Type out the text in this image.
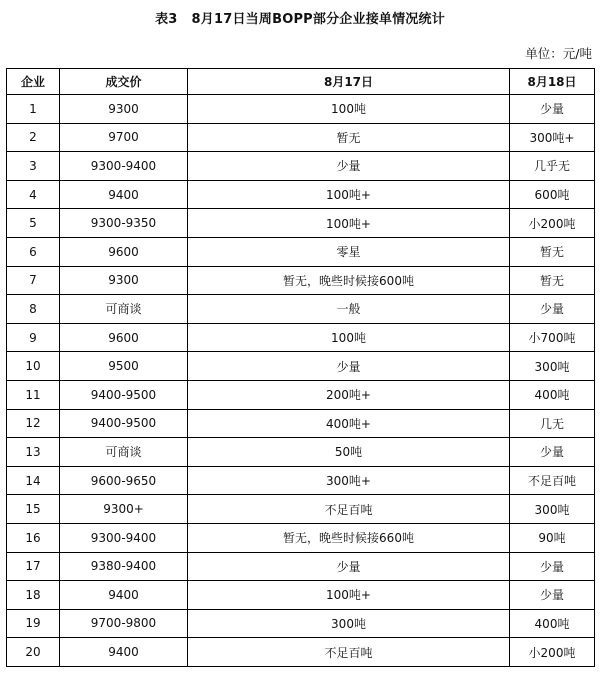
表3 8月17日当周BOPP部分企业接单情况统计
单位：元/吨
企业	成交价	8月17日	8月18日
1	9300	100吨	少量
2	9700	暂无	300吨+
3	9300-9400	少量	几乎无
4	9400	100吨+	600吨
5	9300-9350	100吨+	小200吨
6	9600	零星	暂无
7	9300	暂无，晚些时候接600吨	暂无
8	可商谈	一般	少量
9	9600	100吨	小700吨
10	9500	少量	300吨
11	9400-9500	200吨+	400吨
12	9400-9500	400吨+	几无
13	可商谈	50吨	少量
14	9600-9650	300吨+	不足百吨
15	9300+	不足百吨	300吨
16	9300-9400	暂无，晚些时候接660吨	90吨
17	9380-9400	少量	少量
18	9400	100吨+	少量
19	9700-9800	300吨	400吨
20	9400	不足百吨	小200吨
